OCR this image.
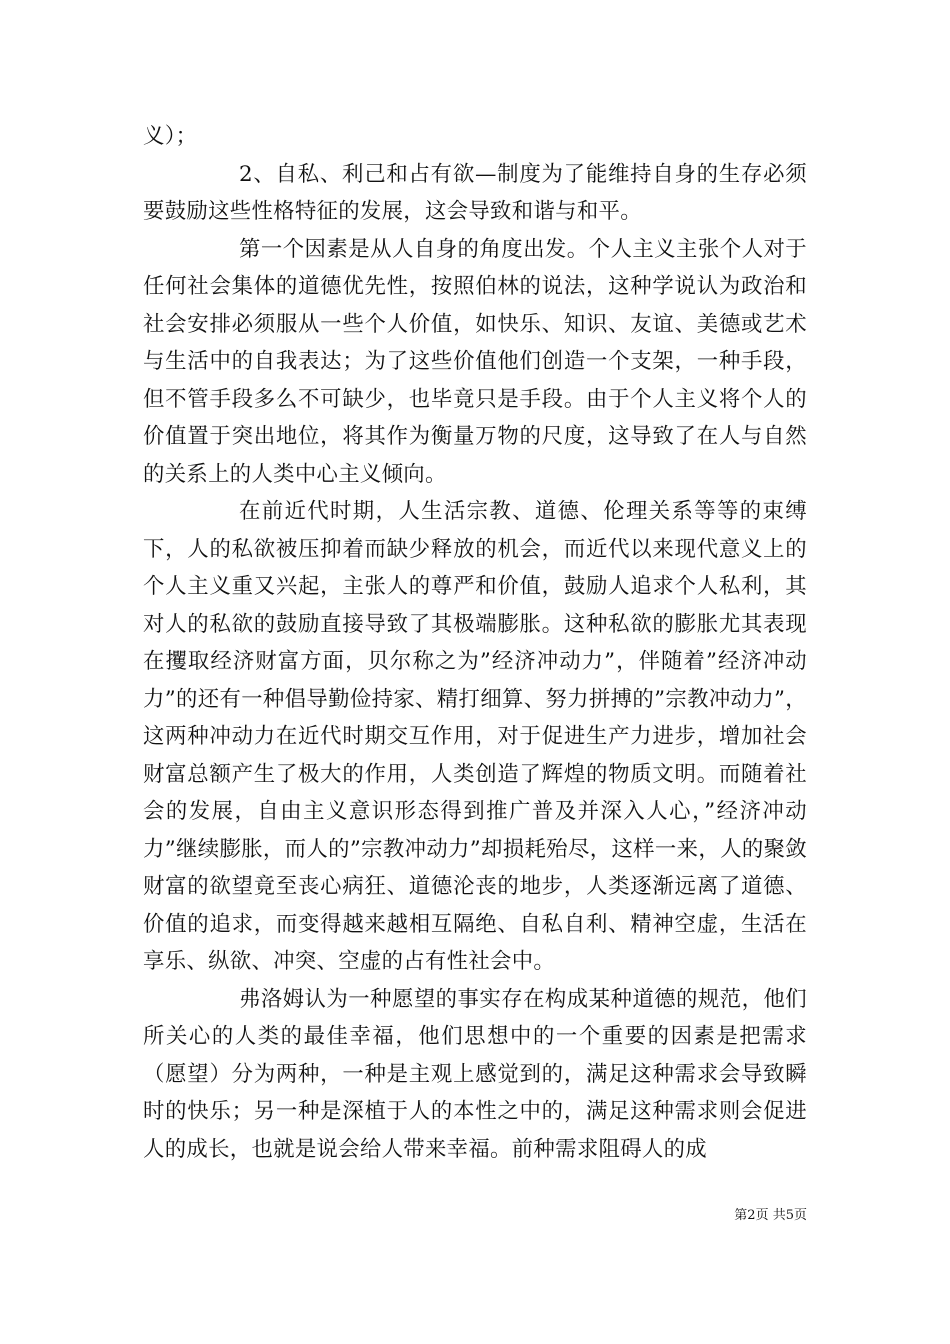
义）；

2、自私、利己和占有欲—制度为了能维持自身的生存必须要鼓励这些性格特征的发展，这会导致和谐与和平。

第一个因素是从人自身的角度出发。个人主义主张个人对于任何社会集体的道德优先性，按照伯林的说法，这种学说认为政治和社会安排必须服从一些个人价值，如快乐、知识、友谊、美德或艺术与生活中的自我表达；为了这些价值他们创造一个支架，一种手段，但不管手段多么不可缺少，也毕竟只是手段。由于个人主义将个人的价值置于突出地位，将其作为衡量万物的尺度，这导致了在人与自然的关系上的人类中心主义倾向。

在前近代时期，人生活宗教、道德、伦理关系等等的束缚下，人的私欲被压抑着而缺少释放的机会，而近代以来现代意义上的个人主义重又兴起，主张人的尊严和价值，鼓励人追求个人私利，其对人的私欲的鼓励直接导致了其极端膨胀。这种私欲的膨胀尤其表现在攫取经济财富方面，贝尔称之为”经济冲动力”，伴随着”经济冲动力”的还有一种倡导勤俭持家、精打细算、努力拼搏的”宗教冲动力”，这两种冲动力在近代时期交互作用，对于促进生产力进步，增加社会财富总额产生了极大的作用，人类创造了辉煌的物质文明。而随着社会的发展，自由主义意识形态得到推广普及并深入人心，”经济冲动力”继续膨胀，而人的”宗教冲动力”却损耗殆尽，这样一来，人的聚敛财富的欲望竟至丧心病狂、道德沦丧的地步，人类逐渐远离了道德、价值的追求，而变得越来越相互隔绝、自私自利、精神空虚，生活在享乐、纵欲、冲突、空虚的占有性社会中。

弗洛姆认为一种愿望的事实存在构成某种道德的规范，他们所关心的人类的最佳幸福，他们思想中的一个重要的因素是把需求（愿望）分为两种，一种是主观上感觉到的，满足这种需求会导致瞬时的快乐；另一种是深植于人的本性之中的，满足这种需求则会促进人的成长，也就是说会给人带来幸福。前种需求阻碍人的成

第2页 共5页
